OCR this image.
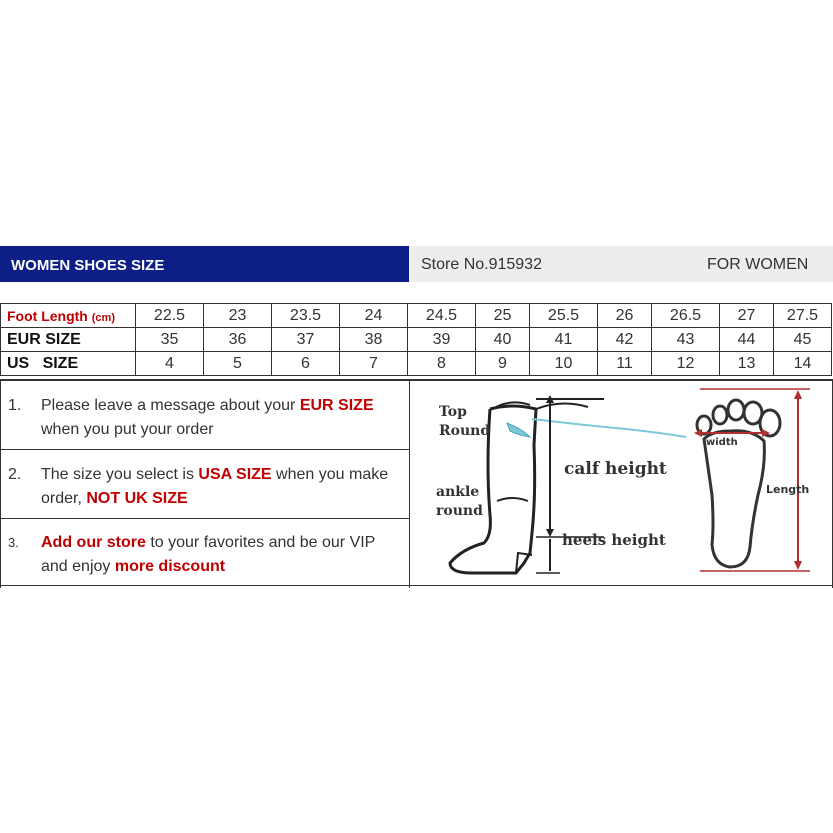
WOMEN SHOES SIZE	Store No.915932	FOR WOMEN
Foot Length (cm)	22.5	23	23.5	24	24.5	25	25.5	26	26.5	27	27.5
EUR SIZE	35	36	37	38	39	40	41	42	43	44	45
US   SIZE	4	5	6	7	8	9	10	11	12	13	14
1. Please leave a message about your EUR SIZE when you put your order
2. The size you select is USA SIZE when you make order, NOT UK SIZE
3. Add our store to your favorites and be our VIP and enjoy more discount
Top
Round
ankle
round
calf height
heels height
width
Length
